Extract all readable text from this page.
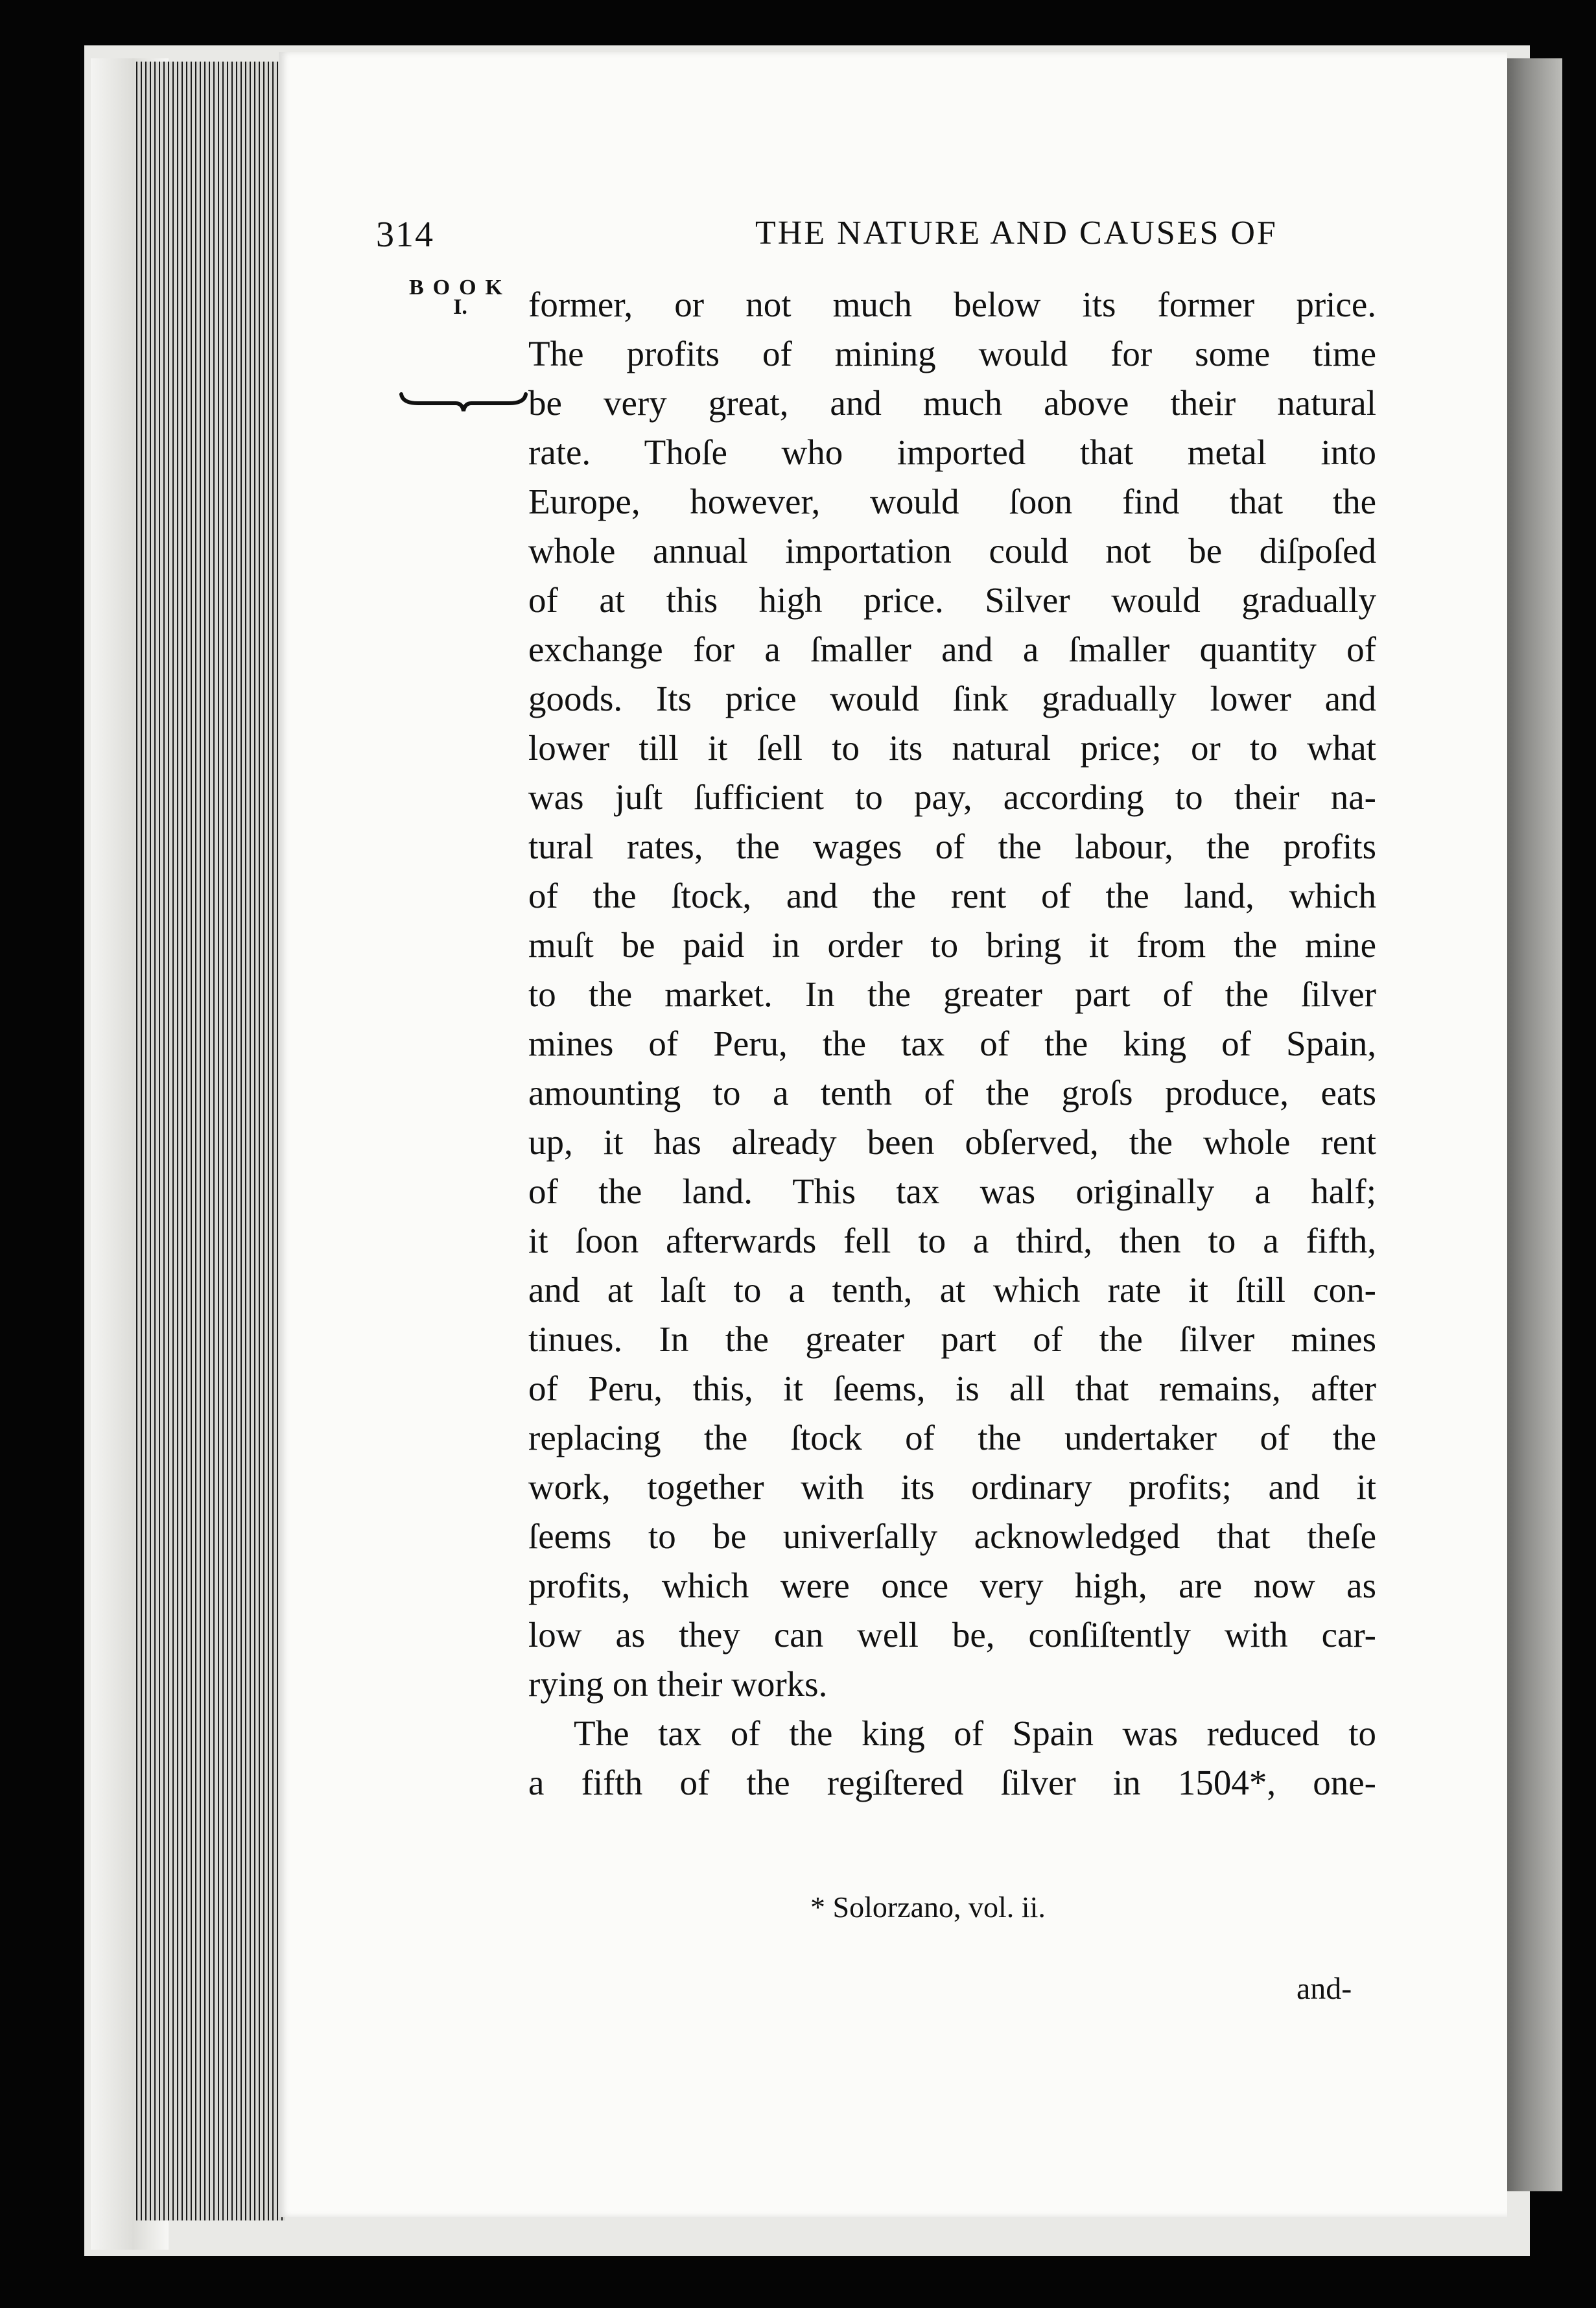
314	THE NATURE AND CAUSES OF
BOOK
I.	former, or not much below its former price.
The profits of mining would for some time
be very great, and much above their natural
rate. Thoſe who imported that metal into
Europe, however, would ſoon find that the
whole annual importation could not be diſpoſed
of at this high price. Silver would gradually
exchange for a ſmaller and a ſmaller quantity of
goods. Its price would ſink gradually lower and
lower till it ſell to its natural price; or to what
was juſt ſufficient to pay, according to their na-
tural rates, the wages of the labour, the profits
of the ſtock, and the rent of the land, which
muſt be paid in order to bring it from the mine
to the market. In the greater part of the ſilver
mines of Peru, the tax of the king of Spain,
amounting to a tenth of the groſs produce, eats
up, it has already been obſerved, the whole rent
of the land. This tax was originally a half;
it ſoon afterwards fell to a third, then to a fifth,
and at laſt to a tenth, at which rate it ſtill con-
tinues. In the greater part of the ſilver mines
of Peru, this, it ſeems, is all that remains, after
replacing the ſtock of the undertaker of the
work, together with its ordinary profits; and it
ſeems to be univerſally acknowledged that theſe
profits, which were once very high, are now as
low as they can well be, conſiſtently with car-
rying on their works.
The tax of the king of Spain was reduced to
a fifth of the regiſtered ſilver in 1504*, one-
* Solorzano, vol. ii.
and-
